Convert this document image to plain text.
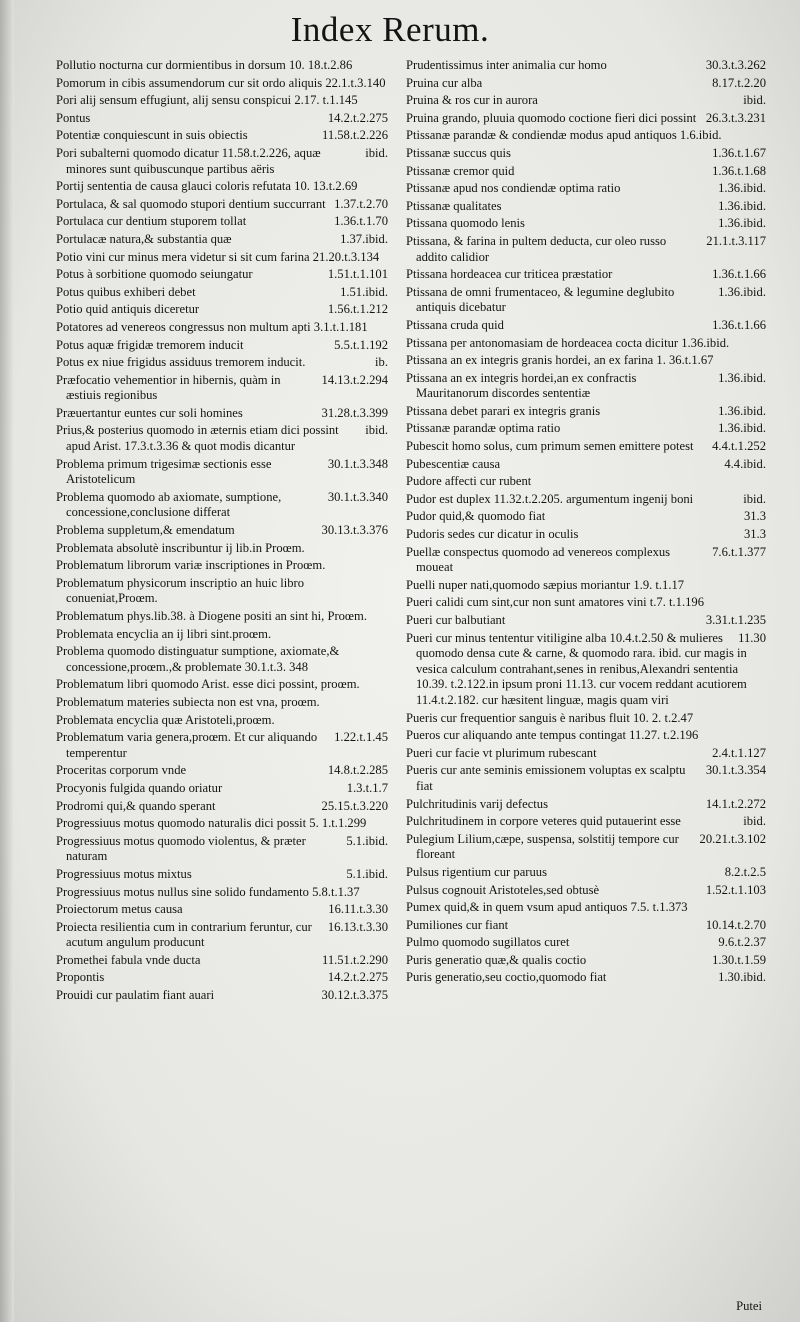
Index Rerum.
Pollutio nocturna cur dormientibus in dorsum 10. 18.t.2.86
Pomorum in cibis assumendorum cur sit ordo aliquis 22.1.t.3.140
Pori alij sensum effugiunt, alij sensu conspicui 2.17. t.1.145
14.2.t.2.275
Pontus
11.58.t.2.226
Potentiæ conquiescunt in suis obiectis
ibid.
Pori subalterni quomodo dicatur 11.58.t.2.226, aquæ minores sunt quibuscunque partibus aëris
Portij sententia de causa glauci coloris refutata 10. 13.t.2.69
1.37.t.2.70
Portulaca, & sal quomodo stupori dentium succurrant
1.36.t.1.70
Portulaca cur dentium stuporem tollat
1.37.ibid.
Portulacæ natura,& substantia quæ
Potio vini cur minus mera videtur si sit cum farina 21.20.t.3.134
1.51.t.1.101
Potus à sorbitione quomodo seiungatur
1.51.ibid.
Potus quibus exhiberi debet
1.56.t.1.212
Potio quid antiquis diceretur
Potatores ad venereos congressus non multum apti 3.1.t.1.181
5.5.t.1.192
Potus aquæ frigidæ tremorem inducit
ib.
Potus ex niue frigidus assiduus tremorem inducit.
14.13.t.2.294
Præfocatio vehementior in hibernis, quàm in æstiuis regionibus
31.28.t.3.399
Præuertantur euntes cur soli homines
ibid.
Prius,& posterius quomodo in æternis etiam dici possint apud Arist. 17.3.t.3.36 & quot modis dicantur
30.1.t.3.348
Problema primum trigesimæ sectionis esse Aristotelicum
30.1.t.3.340
Problema quomodo ab axiomate, sumptione, concessione,conclusione differat
30.13.t.3.376
Problema suppletum,& emendatum
Problemata absolutè inscribuntur ij lib.in Proœm.
Problematum librorum variæ inscriptiones in Proœm.
Problematum physicorum inscriptio an huic libro conueniat,Proœm.
Problematum phys.lib.38. à Diogene positi an sint hi, Proœm.
Problemata encyclia an ij libri sint.proœm.
Problema quomodo distinguatur sumptione, axiomate,& concessione,proœm.,& problemate 30.1.t.3. 348
Problematum libri quomodo Arist. esse dici possint, proœm.
Problematum materies subiecta non est vna, proœm.
Problemata encyclia quæ Aristoteli,proœm.
1.22.t.1.45
Problematum varia genera,proœm. Et cur aliquando temperentur
14.8.t.2.285
Proceritas corporum vnde
1.3.t.1.7
Procyonis fulgida quando oriatur
25.15.t.3.220
Prodromi qui,& quando sperant
Progressiuus motus quomodo naturalis dici possit 5. 1.t.1.299
5.1.ibid.
Progressiuus motus quomodo violentus, & præter naturam
5.1.ibid.
Progressiuus motus mixtus
Progressiuus motus nullus sine solido fundamento 5.8.t.1.37
16.11.t.3.30
Proiectorum metus causa
16.13.t.3.30
Proiecta resilientia cum in contrarium feruntur, cur acutum angulum producunt
11.51.t.2.290
Promethei fabula vnde ducta
14.2.t.2.275
Propontis
30.12.t.3.375
Prouidi cur paulatim fiant auari
30.3.t.3.262
Prudentissimus inter animalia cur homo
8.17.t.2.20
Pruina cur alba
ibid.
Pruina & ros cur in aurora
26.3.t.3.231
Pruina grando, pluuia quomodo coctione fieri dici possint
Ptissanæ parandæ & condiendæ modus apud antiquos 1.6.ibid.
1.36.t.1.67
Ptissanæ succus quis
1.36.t.1.68
Ptissanæ cremor quid
1.36.ibid.
Ptissanæ apud nos condiendæ optima ratio
1.36.ibid.
Ptissanæ qualitates
1.36.ibid.
Ptissana quomodo lenis
21.1.t.3.117
Ptissana, & farina in pultem deducta, cur oleo russo addito calidior
1.36.t.1.66
Ptissana hordeacea cur triticea præstatior
1.36.ibid.
Ptissana de omni frumentaceo, & legumine deglubito antiquis dicebatur
1.36.t.1.66
Ptissana cruda quid
Ptissana per antonomasiam de hordeacea cocta dicitur 1.36.ibid.
Ptissana an ex integris granis hordei, an ex farina 1. 36.t.1.67
1.36.ibid.
Ptissana an ex integris hordei,an ex confractis Mauritanorum discordes sententiæ
1.36.ibid.
Ptissana debet parari ex integris granis
1.36.ibid.
Ptissanæ parandæ optima ratio
4.4.t.1.252
Pubescit homo solus, cum primum semen emittere potest
4.4.ibid.
Pubescentiæ causa
Pudore affecti cur rubent
ibid.
Pudor est duplex 11.32.t.2.205. argumentum ingenij boni
31.3
Pudor quid,& quomodo fiat
31.3
Pudoris sedes cur dicatur in oculis
7.6.t.1.377
Puellæ conspectus quomodo ad venereos complexus moueat
Puelli nuper nati,quomodo sæpius moriantur 1.9. t.1.17
Pueri calidi cum sint,cur non sunt amatores vini t.7. t.1.196
3.31.t.1.235
Pueri cur balbutiant
11.30
Pueri cur minus tententur vitiligine alba 10.4.t.2.50 & mulieres quomodo densa cute & carne, & quomodo rara. ibid. cur magis in vesica calculum contrahant,senes in renibus,Alexandri sententia 10.39. t.2.122.in ipsum proni 11.13. cur vocem reddant acutiorem 11.4.t.2.182. cur hæsitent linguæ, magis quam viri
Pueris cur frequentior sanguis è naribus fluit 10. 2. t.2.47
Pueros cur aliquando ante tempus contingat 11.27. t.2.196
2.4.t.1.127
Pueri cur facie vt plurimum rubescant
30.1.t.3.354
Pueris cur ante seminis emissionem voluptas ex scalptu fiat
14.1.t.2.272
Pulchritudinis varij defectus
ibid.
Pulchritudinem in corpore veteres quid putauerint esse
20.21.t.3.102
Pulegium Lilium,cæpe, suspensa, solstitij tempore cur floreant
8.2.t.2.5
Pulsus rigentium cur paruus
1.52.t.1.103
Pulsus cognouit Aristoteles,sed obtusè
Pumex quid,& in quem vsum apud antiquos 7.5. t.1.373
10.14.t.2.70
Pumiliones cur fiant
9.6.t.2.37
Pulmo quomodo sugillatos curet
1.30.t.1.59
Puris generatio quæ,& qualis coctio
1.30.ibid.
Puris generatio,seu coctio,quomodo fiat
Putei
